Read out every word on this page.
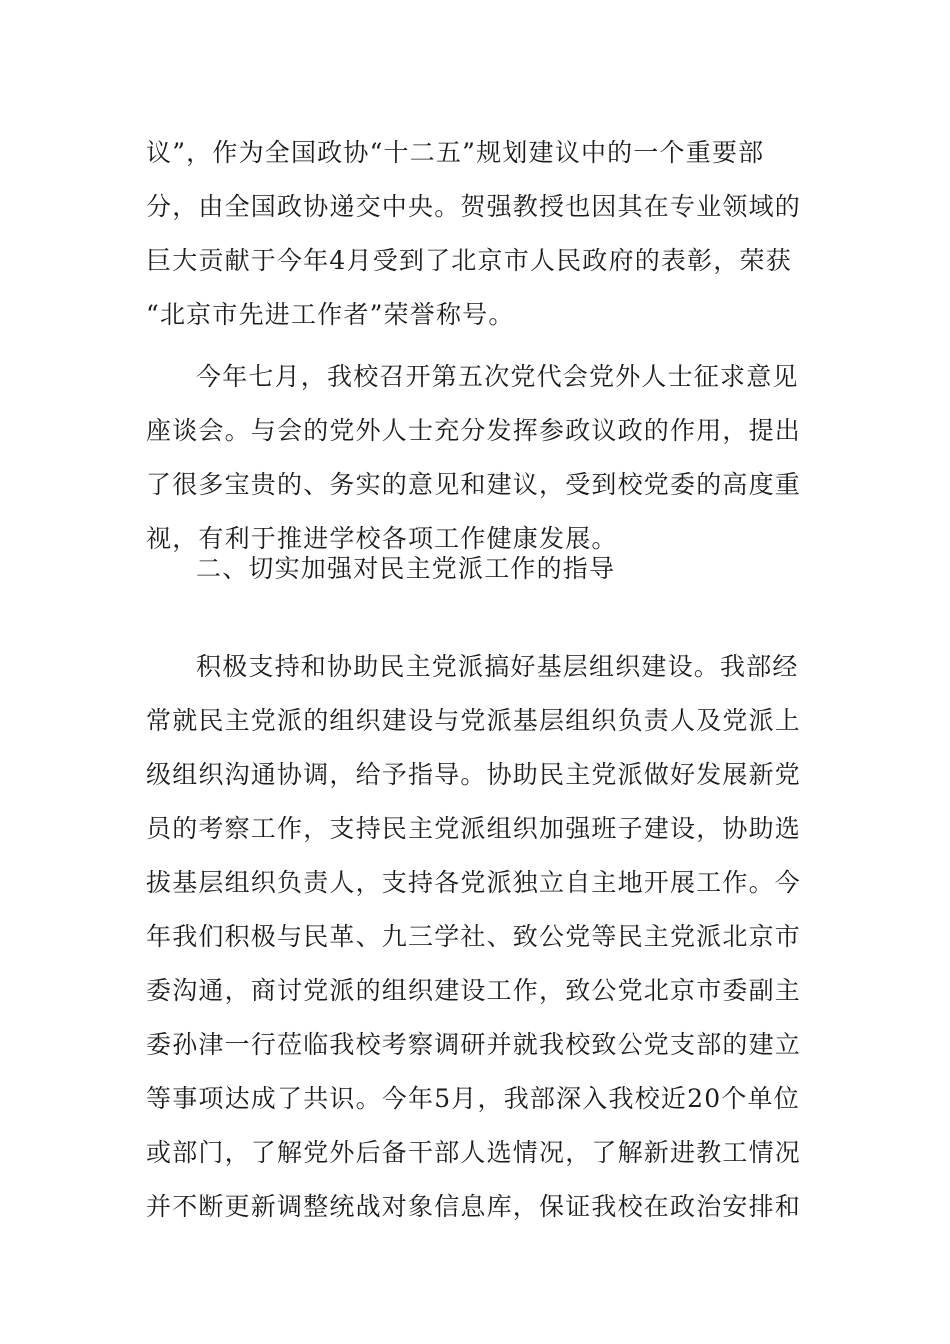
议”，作为全国政协“十二五”规划建议中的一个重要部
分，由全国政协递交中央。贺强教授也因其在专业领域的
巨大贡献于今年4月受到了北京市人民政府的表彰，荣获
“北京市先进工作者”荣誉称号。
今年七月，我校召开第五次党代会党外人士征求意见
座谈会。与会的党外人士充分发挥参政议政的作用，提出
了很多宝贵的、务实的意见和建议，受到校党委的高度重
视，有利于推进学校各项工作健康发展。
二、切实加强对民主党派工作的指导
积极支持和协助民主党派搞好基层组织建设。我部经
常就民主党派的组织建设与党派基层组织负责人及党派上
级组织沟通协调，给予指导。协助民主党派做好发展新党
员的考察工作，支持民主党派组织加强班子建设，协助选
拔基层组织负责人，支持各党派独立自主地开展工作。今
年我们积极与民革、九三学社、致公党等民主党派北京市
委沟通，商讨党派的组织建设工作，致公党北京市委副主
委孙津一行莅临我校考察调研并就我校致公党支部的建立
等事项达成了共识。今年5月，我部深入我校近20个单位
或部门，了解党外后备干部人选情况，了解新进教工情况
并不断更新调整统战对象信息库，保证我校在政治安排和
